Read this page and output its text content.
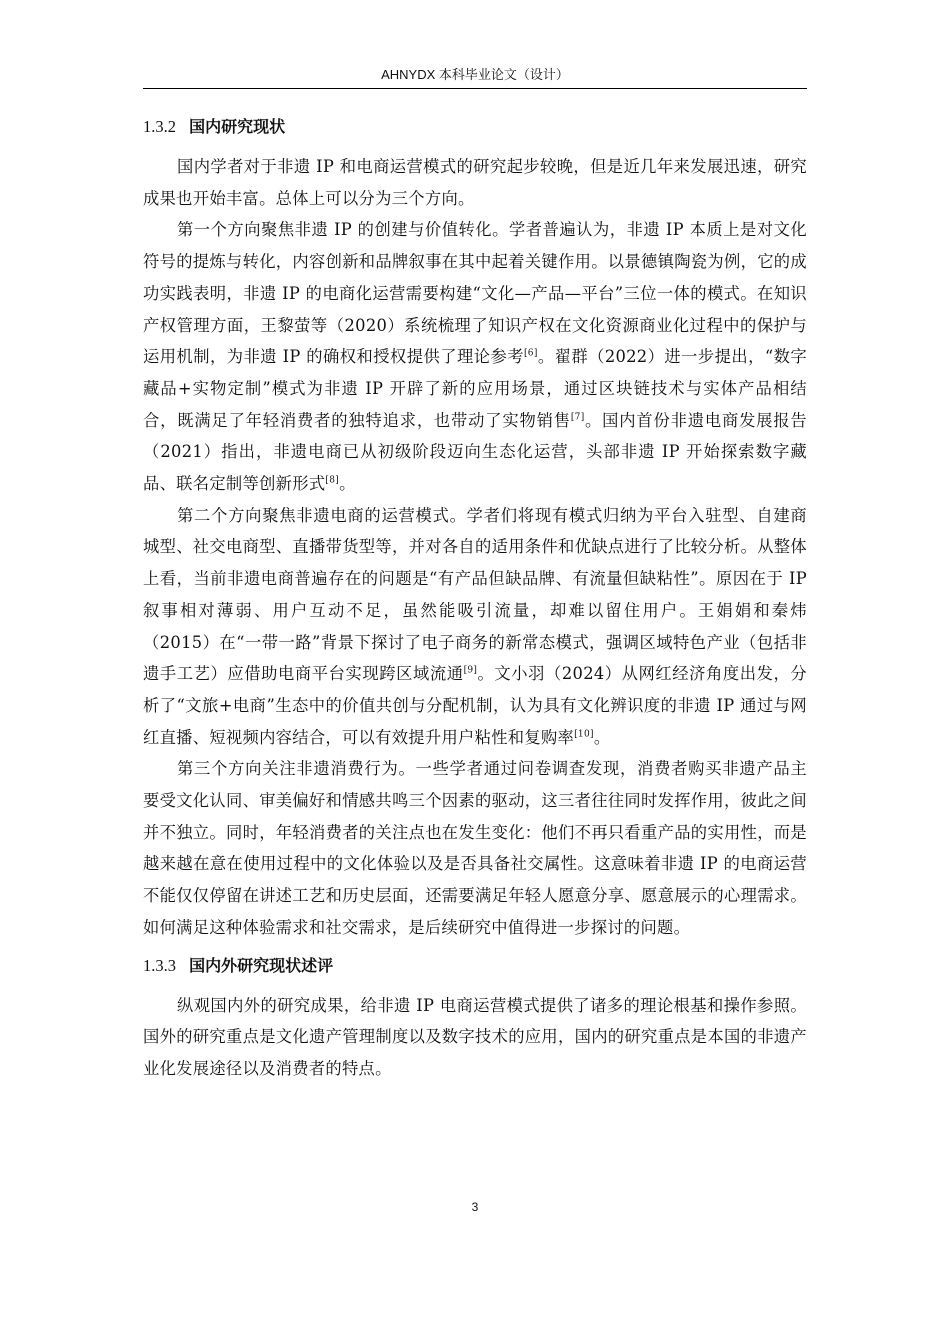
AHNYDX 本科毕业论文（设计）
1.3.2 国内研究现状

国内学者对于非遗 IP 和电商运营模式的研究起步较晚，但是近几年来发展迅速，研究成果也开始丰富。总体上可以分为三个方向。

第一个方向聚焦非遗 IP 的创建与价值转化。学者普遍认为，非遗 IP 本质上是对文化符号的提炼与转化，内容创新和品牌叙事在其中起着关键作用。以景德镇陶瓷为例，它的成功实践表明，非遗 IP 的电商化运营需要构建“文化—产品—平台”三位一体的模式。在知识产权管理方面，王黎萤等（2020）系统梳理了知识产权在文化资源商业化过程中的保护与运用机制，为非遗 IP 的确权和授权提供了理论参考[6]。翟群（2022）进一步提出，“数字藏品+实物定制”模式为非遗 IP 开辟了新的应用场景，通过区块链技术与实体产品相结合，既满足了年轻消费者的独特追求，也带动了实物销售[7]。国内首份非遗电商发展报告（2021）指出，非遗电商已从初级阶段迈向生态化运营，头部非遗 IP 开始探索数字藏品、联名定制等创新形式[8]。

第二个方向聚焦非遗电商的运营模式。学者们将现有模式归纳为平台入驻型、自建商城型、社交电商型、直播带货型等，并对各自的适用条件和优缺点进行了比较分析。从整体上看，当前非遗电商普遍存在的问题是“有产品但缺品牌、有流量但缺粘性”。原因在于 IP 叙事相对薄弱、用户互动不足，虽然能吸引流量，却难以留住用户。王娟娟和秦炜（2015）在“一带一路”背景下探讨了电子商务的新常态模式，强调区域特色产业（包括非遗手工艺）应借助电商平台实现跨区域流通[9]。文小羽（2024）从网红经济角度出发，分析了“文旅+电商”生态中的价值共创与分配机制，认为具有文化辨识度的非遗 IP 通过与网红直播、短视频内容结合，可以有效提升用户粘性和复购率[10]。

第三个方向关注非遗消费行为。一些学者通过问卷调查发现，消费者购买非遗产品主要受文化认同、审美偏好和情感共鸣三个因素的驱动，这三者往往同时发挥作用，彼此之间并不独立。同时，年轻消费者的关注点也在发生变化：他们不再只看重产品的实用性，而是越来越在意在使用过程中的文化体验以及是否具备社交属性。这意味着非遗 IP 的电商运营不能仅仅停留在讲述工艺和历史层面，还需要满足年轻人愿意分享、愿意展示的心理需求。如何满足这种体验需求和社交需求，是后续研究中值得进一步探讨的问题。

1.3.3 国内外研究现状述评

纵观国内外的研究成果，给非遗 IP 电商运营模式提供了诸多的理论根基和操作参照。国外的研究重点是文化遗产管理制度以及数字技术的应用，国内的研究重点是本国的非遗产业化发展途径以及消费者的特点。

3
